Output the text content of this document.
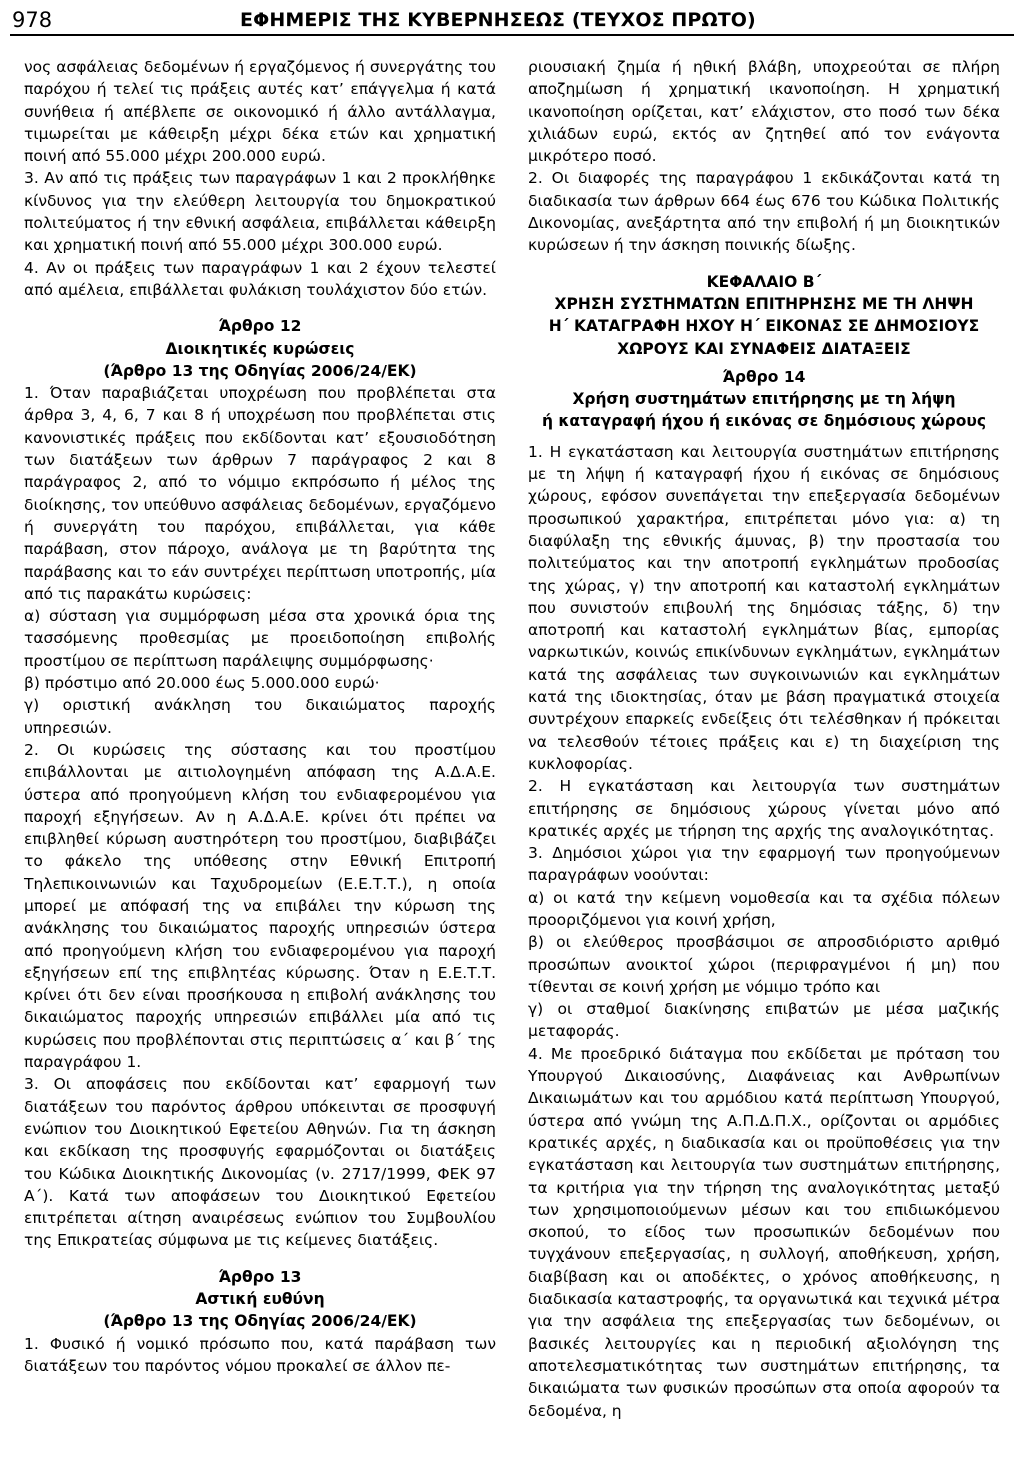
978	ΕΦΗΜΕΡΙΣ ΤΗΣ ΚΥΒΕΡΝΗΣΕΩΣ (ΤΕΥΧΟΣ ΠΡΩΤΟ)

νος ασφάλειας δεδομένων ή εργαζόμενος ή συνεργάτης του παρόχου ή τελεί τις πράξεις αυτές κατ’ επάγγελμα ή κατά συνήθεια ή απέβλεπε σε οικονομικό ή άλλο αντάλλαγμα, τιμωρείται με κάθειρξη μέχρι δέκα ετών και χρηματική ποινή από 55.000 μέχρι 200.000 ευρώ.

3. Αν από τις πράξεις των παραγράφων 1 και 2 προκλήθηκε κίνδυνος για την ελεύθερη λειτουργία του δημοκρατικού πολιτεύματος ή την εθνική ασφάλεια, επιβάλλεται κάθειρξη και χρηματική ποινή από 55.000 μέχρι 300.000 ευρώ.

4. Αν οι πράξεις των παραγράφων 1 και 2 έχουν τελεστεί από αμέλεια, επιβάλλεται φυλάκιση τουλάχιστον δύο ετών.

Άρθρο 12

Διοικητικές κυρώσεις

(Άρθρο 13 της Οδηγίας 2006/24/ΕΚ)

1. Όταν παραβιάζεται υποχρέωση που προβλέπεται στα άρθρα 3, 4, 6, 7 και 8 ή υποχρέωση που προβλέπεται στις κανονιστικές πράξεις που εκδίδονται κατ’ εξουσιοδότηση των διατάξεων των άρθρων 7 παράγραφος 2 και 8 παράγραφος 2, από το νόμιμο εκπρόσωπο ή μέλος της διοίκησης, τον υπεύθυνο ασφάλειας δεδομένων, εργαζόμενο ή συνεργάτη του παρόχου, επιβάλλεται, για κάθε παράβαση, στον πάροχο, ανάλογα με τη βαρύτητα της παράβασης και το εάν συντρέχει περίπτωση υποτροπής, μία από τις παρακάτω κυρώσεις:

α) σύσταση για συμμόρφωση μέσα στα χρονικά όρια της τασσόμενης προθεσμίας με προειδοποίηση επιβολής προστίμου σε περίπτωση παράλειψης συμμόρφωσης·

β) πρόστιμο από 20.000 έως 5.000.000 ευρώ·

γ) οριστική ανάκληση του δικαιώματος παροχής υπηρεσιών.

2. Οι κυρώσεις της σύστασης και του προστίμου επιβάλλονται με αιτιολογημένη απόφαση της Α.Δ.Α.Ε. ύστερα από προηγούμενη κλήση του ενδιαφερομένου για παροχή εξηγήσεων. Αν η Α.Δ.Α.Ε. κρίνει ότι πρέπει να επιβληθεί κύρωση αυστηρότερη του προστίμου, διαβιβάζει το φάκελο της υπόθεσης στην Εθνική Επιτροπή Τηλεπικοινωνιών και Ταχυδρομείων (Ε.Ε.Τ.Τ.), η οποία μπορεί με απόφασή της να επιβάλει την κύρωση της ανάκλησης του δικαιώματος παροχής υπηρεσιών ύστερα από προηγούμενη κλήση του ενδιαφερομένου για παροχή εξηγήσεων επί της επιβλητέας κύρωσης. Όταν η Ε.Ε.Τ.Τ. κρίνει ότι δεν είναι προσήκουσα η επιβολή ανάκλησης του δικαιώματος παροχής υπηρεσιών επιβάλλει μία από τις κυρώσεις που προβλέπονται στις περιπτώσεις α΄ και β΄ της παραγράφου 1.

3. Οι αποφάσεις που εκδίδονται κατ’ εφαρμογή των διατάξεων του παρόντος άρθρου υπόκεινται σε προσφυγή ενώπιον του Διοικητικού Εφετείου Αθηνών. Για τη άσκηση και εκδίκαση της προσφυγής εφαρμόζονται οι διατάξεις του Κώδικα Διοικητικής Δικονομίας (ν. 2717/1999, ΦΕΚ 97 Α΄). Κατά των αποφάσεων του Διοικητικού Εφετείου επιτρέπεται αίτηση αναιρέσεως ενώπιον του Συμβουλίου της Επικρατείας σύμφωνα με τις κείμενες διατάξεις.

Άρθρο 13

Αστική ευθύνη

(Άρθρο 13 της Οδηγίας 2006/24/ΕΚ)

1. Φυσικό ή νομικό πρόσωπο που, κατά παράβαση των διατάξεων του παρόντος νόμου προκαλεί σε άλλον πε-

ριουσιακή ζημία ή ηθική βλάβη, υποχρεούται σε πλήρη αποζημίωση ή χρηματική ικανοποίηση. Η χρηματική ικανοποίηση ορίζεται, κατ’ ελάχιστον, στο ποσό των δέκα χιλιάδων ευρώ, εκτός αν ζητηθεί από τον ενάγοντα μικρότερο ποσό.

2. Οι διαφορές της παραγράφου 1 εκδικάζονται κατά τη διαδικασία των άρθρων 664 έως 676 του Κώδικα Πολιτικής Δικονομίας, ανεξάρτητα από την επιβολή ή μη διοικητικών κυρώσεων ή την άσκηση ποινικής δίωξης.

ΚΕΦΑΛΑΙΟ Β΄

ΧΡΗΣΗ ΣΥΣΤΗΜΑΤΩΝ ΕΠΙΤΗΡΗΣΗΣ ΜΕ ΤΗ ΛΗΨΗ

Η΄ ΚΑΤΑΓΡΑΦΗ ΗΧΟΥ Η΄ ΕΙΚΟΝΑΣ ΣΕ ΔΗΜΟΣΙΟΥΣ

ΧΩΡΟΥΣ ΚΑΙ ΣΥΝΑΦΕΙΣ ΔΙΑΤΑΞΕΙΣ

Άρθρο 14

Χρήση συστημάτων επιτήρησης με τη λήψη

ή καταγραφή ήχου ή εικόνας σε δημόσιους χώρους

1. Η εγκατάσταση και λειτουργία συστημάτων επιτήρησης με τη λήψη ή καταγραφή ήχου ή εικόνας σε δημόσιους χώρους, εφόσον συνεπάγεται την επεξεργασία δεδομένων προσωπικού χαρακτήρα, επιτρέπεται μόνο για: α) τη διαφύλαξη της εθνικής άμυνας, β) την προστασία του πολιτεύματος και την αποτροπή εγκλημάτων προδοσίας της χώρας, γ) την αποτροπή και καταστολή εγκλημάτων που συνιστούν επιβουλή της δημόσιας τάξης, δ) την αποτροπή και καταστολή εγκλημάτων βίας, εμπορίας ναρκωτικών, κοινώς επικίνδυνων εγκλημάτων, εγκλημάτων κατά της ασφάλειας των συγκοινωνιών και εγκλημάτων κατά της ιδιοκτησίας, όταν με βάση πραγματικά στοιχεία συντρέχουν επαρκείς ενδείξεις ότι τελέσθηκαν ή πρόκειται να τελεσθούν τέτοιες πράξεις και ε) τη διαχείριση της κυκλοφορίας.

2. Η εγκατάσταση και λειτουργία των συστημάτων επιτήρησης σε δημόσιους χώρους γίνεται μόνο από κρατικές αρχές με τήρηση της αρχής της αναλογικότητας.

3. Δημόσιοι χώροι για την εφαρμογή των προηγούμενων παραγράφων νοούνται:

α) οι κατά την κείμενη νομοθεσία και τα σχέδια πόλεων προοριζόμενοι για κοινή χρήση,

β) οι ελεύθερος προσβάσιμοι σε απροσδιόριστο αριθμό προσώπων ανοικτοί χώροι (περιφραγμένοι ή μη) που τίθενται σε κοινή χρήση με νόμιμο τρόπο και

γ) οι σταθμοί διακίνησης επιβατών με μέσα μαζικής μεταφοράς.

4. Με προεδρικό διάταγμα που εκδίδεται με πρόταση του Υπουργού Δικαιοσύνης, Διαφάνειας και Ανθρωπίνων Δικαιωμάτων και του αρμόδιου κατά περίπτωση Υπουργού, ύστερα από γνώμη της Α.Π.Δ.Π.Χ., ορίζονται οι αρμόδιες κρατικές αρχές, η διαδικασία και οι προϋποθέσεις για την εγκατάσταση και λειτουργία των συστημάτων επιτήρησης, τα κριτήρια για την τήρηση της αναλογικότητας μεταξύ των χρησιμοποιούμενων μέσων και του επιδιωκόμενου σκοπού, το είδος των προσωπικών δεδομένων που τυγχάνουν επεξεργασίας, η συλλογή, αποθήκευση, χρήση, διαβίβαση και οι αποδέκτες, ο χρόνος αποθήκευσης, η διαδικασία καταστροφής, τα οργανωτικά και τεχνικά μέτρα για την ασφάλεια της επεξεργασίας των δεδομένων, οι βασικές λειτουργίες και η περιοδική αξιολόγηση της αποτελεσματικότητας των συστημάτων επιτήρησης, τα δικαιώματα των φυσικών προσώπων στα οποία αφορούν τα δεδομένα, η
